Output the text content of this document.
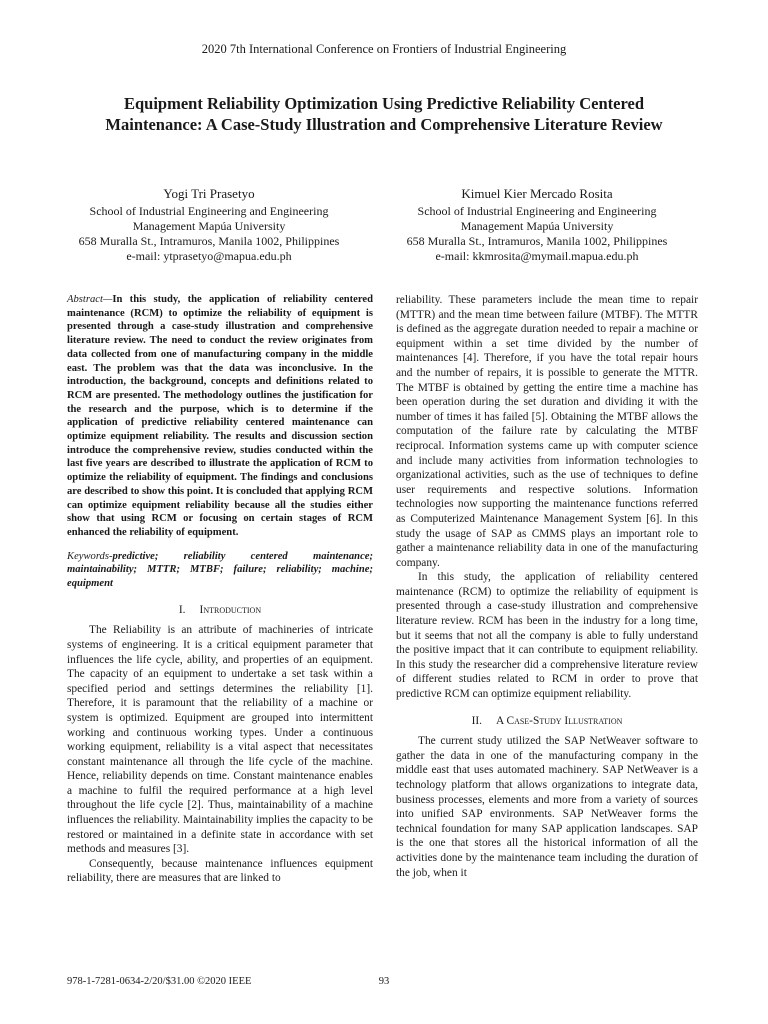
2020 7th International Conference on Frontiers of Industrial Engineering
Equipment Reliability Optimization Using Predictive Reliability Centered
Maintenance: A Case-Study Illustration and Comprehensive Literature Review
Yogi Tri Prasetyo
School of Industrial Engineering and Engineering
Management Mapúa University
658 Muralla St., Intramuros, Manila 1002, Philippines
e-mail: ytprasetyo@mapua.edu.ph
Kimuel Kier Mercado Rosita
School of Industrial Engineering and Engineering
Management Mapúa University
658 Muralla St., Intramuros, Manila 1002, Philippines
e-mail: kkmrosita@mymail.mapua.edu.ph

Abstract—In this study, the application of reliability centered maintenance (RCM) to optimize the reliability of equipment is presented through a case-study illustration and comprehensive literature review. The need to conduct the review originates from data collected from one of manufacturing company in the middle east. The problem was that the data was inconclusive. In the introduction, the background, concepts and definitions related to RCM are presented. The methodology outlines the justification for the research and the purpose, which is to determine if the application of predictive reliability centered maintenance can optimize equipment reliability. The results and discussion section introduce the comprehensive review, studies conducted within the last five years are described to illustrate the application of RCM to optimize the reliability of equipment. The findings and conclusions are described to show this point. It is concluded that applying RCM can optimize equipment reliability because all the studies either show that using RCM or focusing on certain stages of RCM enhanced the reliability of equipment.

Keywords-predictive; reliability centered maintenance; maintainability; MTTR; MTBF; failure; reliability; machine; equipment

I. Introduction

The Reliability is an attribute of machineries of intricate systems of engineering. It is a critical equipment parameter that influences the life cycle, ability, and properties of an equipment. The capacity of an equipment to undertake a set task within a specified period and settings determines the reliability [1]. Therefore, it is paramount that the reliability of a machine or system is optimized. Equipment are grouped into intermittent working and continuous working types. Under a continuous working equipment, reliability is a vital aspect that necessitates constant maintenance all through the life cycle of the machine. Hence, reliability depends on time. Constant maintenance enables a machine to fulfil the required performance at a high level throughout the life cycle [2]. Thus, maintainability of a machine influences the reliability. Maintainability implies the capacity to be restored or maintained in a definite state in accordance with set methods and measures [3].

Consequently, because maintenance influences equipment reliability, there are measures that are linked to

reliability. These parameters include the mean time to repair (MTTR) and the mean time between failure (MTBF). The MTTR is defined as the aggregate duration needed to repair a machine or equipment within a set time divided by the number of maintenances [4]. Therefore, if you have the total repair hours and the number of repairs, it is possible to generate the MTTR. The MTBF is obtained by getting the entire time a machine has been operation during the set duration and dividing it with the number of times it has failed [5]. Obtaining the MTBF allows the computation of the failure rate by calculating the MTBF reciprocal. Information systems came up with computer science and include many activities from information technologies to organizational activities, such as the use of techniques to define user requirements and respective solutions. Information technologies now supporting the maintenance functions referred as Computerized Maintenance Management System [6]. In this study the usage of SAP as CMMS plays an important role to gather a maintenance reliability data in one of the manufacturing company.

In this study, the application of reliability centered maintenance (RCM) to optimize the reliability of equipment is presented through a case-study illustration and comprehensive literature review. RCM has been in the industry for a long time, but it seems that not all the company is able to fully understand the positive impact that it can contribute to equipment reliability. In this study the researcher did a comprehensive literature review of different studies related to RCM in order to prove that predictive RCM can optimize equipment reliability.

II. A Case-Study Illustration

The current study utilized the SAP NetWeaver software to gather the data in one of the manufacturing company in the middle east that uses automated machinery. SAP NetWeaver is a technology platform that allows organizations to integrate data, business processes, elements and more from a variety of sources into unified SAP environments. SAP NetWeaver forms the technical foundation for many SAP application landscapes. SAP is the one that stores all the historical information of all the activities done by the maintenance team including the duration of the job, when it

978-1-7281-0634-2/20/$31.00 ©2020 IEEE	93
